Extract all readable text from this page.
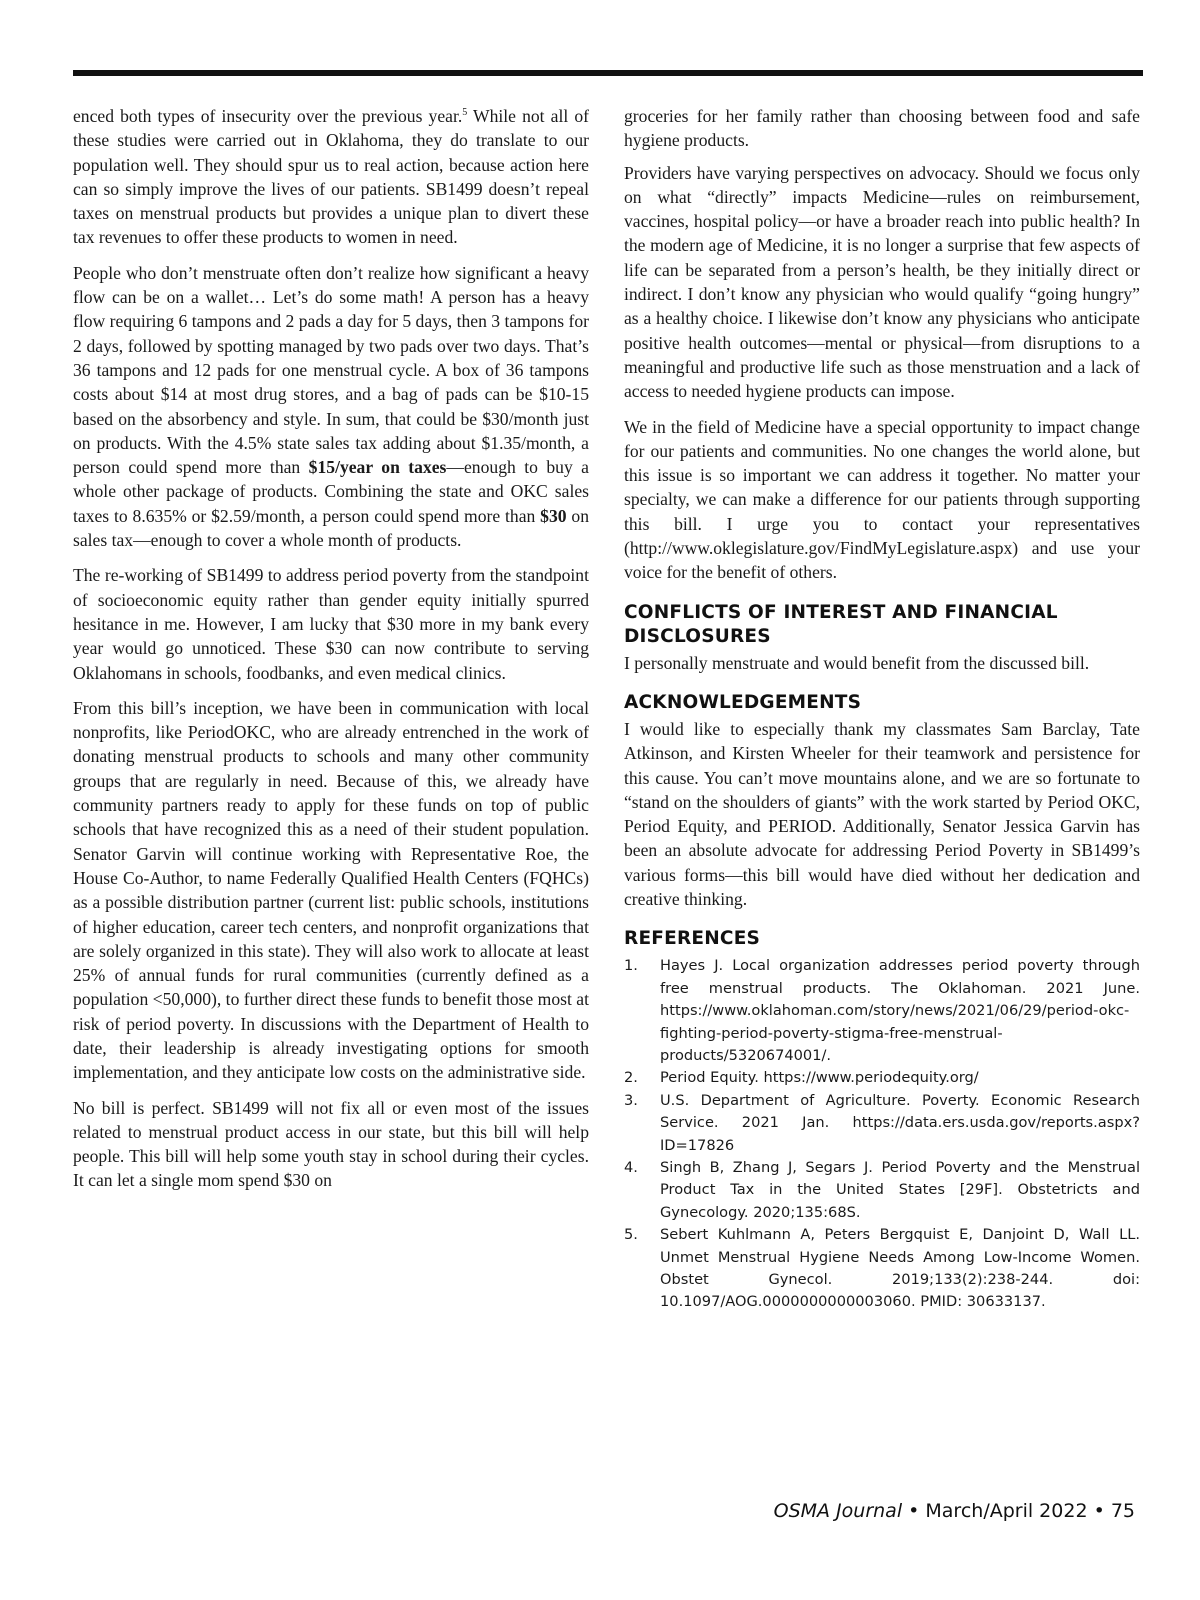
enced both types of insecurity over the previous year.$^5$ While not all of these studies were carried out in Oklahoma, they do translate to our population well. They should spur us to real action, because action here can so simply improve the lives of our patients. SB1499 doesn’t repeal taxes on menstrual products but provides a unique plan to divert these tax revenues to offer these products to women in need.

People who don’t menstruate often don’t realize how significant a heavy flow can be on a wallet… Let’s do some math! A person has a heavy flow requiring 6 tampons and 2 pads a day for 5 days, then 3 tampons for 2 days, followed by spotting managed by two pads over two days. That’s 36 tampons and 12 pads for one menstrual cycle. A box of 36 tampons costs about $14 at most drug stores, and a bag of pads can be $10-15 based on the absorbency and style. In sum, that could be $30/month just on products. With the 4.5% state sales tax adding about $1.35/month, a person could spend more than $15/year on taxes—enough to buy a whole other package of products. Combining the state and OKC sales taxes to 8.635% or $2.59/month, a person could spend more than $30 on sales tax—enough to cover a whole month of products.

The re-working of SB1499 to address period poverty from the standpoint of socioeconomic equity rather than gender equity initially spurred hesitance in me. However, I am lucky that $30 more in my bank every year would go unnoticed. These $30 can now contribute to serving Oklahomans in schools, foodbanks, and even medical clinics.

From this bill’s inception, we have been in communication with local nonprofits, like PeriodOKC, who are already entrenched in the work of donating menstrual products to schools and many other community groups that are regularly in need. Because of this, we already have community partners ready to apply for these funds on top of public schools that have recognized this as a need of their student population. Senator Garvin will continue working with Representative Roe, the House Co-Author, to name Federally Qualified Health Centers (FQHCs) as a possible distribution partner (current list: public schools, institutions of higher education, career tech centers, and nonprofit organizations that are solely organized in this state). They will also work to allocate at least 25% of annual funds for rural communities (currently defined as a population <50,000), to further direct these funds to benefit those most at risk of period poverty. In discussions with the Department of Health to date, their leadership is already investigating options for smooth implementation, and they anticipate low costs on the administrative side.

No bill is perfect. SB1499 will not fix all or even most of the issues related to menstrual product access in our state, but this bill will help people. This bill will help some youth stay in school during their cycles. It can let a single mom spend $30 on

groceries for her family rather than choosing between food and safe hygiene products.

Providers have varying perspectives on advocacy. Should we focus only on what “directly” impacts Medicine—rules on reimbursement, vaccines, hospital policy—or have a broader reach into public health? In the modern age of Medicine, it is no longer a surprise that few aspects of life can be separated from a person’s health, be they initially direct or indirect. I don’t know any physician who would qualify “going hungry” as a healthy choice. I likewise don’t know any physicians who anticipate positive health outcomes—mental or physical—from disruptions to a meaningful and productive life such as those menstruation and a lack of access to needed hygiene products can impose.

We in the field of Medicine have a special opportunity to impact change for our patients and communities. No one changes the world alone, but this issue is so important we can address it together. No matter your specialty, we can make a difference for our patients through supporting this bill. I urge you to contact your representatives (http://www.oklegislature.gov/FindMyLegislature.aspx) and use your voice for the benefit of others.

CONFLICTS OF INTEREST AND FINANCIAL DISCLOSURES

I personally menstruate and would benefit from the discussed bill.

ACKNOWLEDGEMENTS

I would like to especially thank my classmates Sam Barclay, Tate Atkinson, and Kirsten Wheeler for their teamwork and persistence for this cause. You can’t move mountains alone, and we are so fortunate to “stand on the shoulders of giants” with the work started by Period OKC, Period Equity, and PERIOD. Additionally, Senator Jessica Garvin has been an absolute advocate for addressing Period Poverty in SB1499’s various forms—this bill would have died without her dedication and creative thinking.

REFERENCES
1. Hayes J. Local organization addresses period poverty through free menstrual products. The Oklahoman. 2021 June. https://www.oklahoman.com/story/news/2021/06/29/period-okc-fighting-period-poverty-stigma-free-menstrual-products/5320674001/.
2. Period Equity. https://www.periodequity.org/
3. U.S. Department of Agriculture. Poverty. Economic Research Service. 2021 Jan. https://data.ers.usda.gov/reports.aspx?ID=17826
4. Singh B, Zhang J, Segars J. Period Poverty and the Menstrual Product Tax in the United States [29F]. Obstetricts and Gynecology. 2020;135:68S.
5. Sebert Kuhlmann A, Peters Bergquist E, Danjoint D, Wall LL. Unmet Menstrual Hygiene Needs Among Low-Income Women. Obstet Gynecol. 2019;133(2):238-244. doi: 10.1097/AOG.0000000000003060. PMID: 30633137.
OSMA Journal • March/April 2022 • 75
